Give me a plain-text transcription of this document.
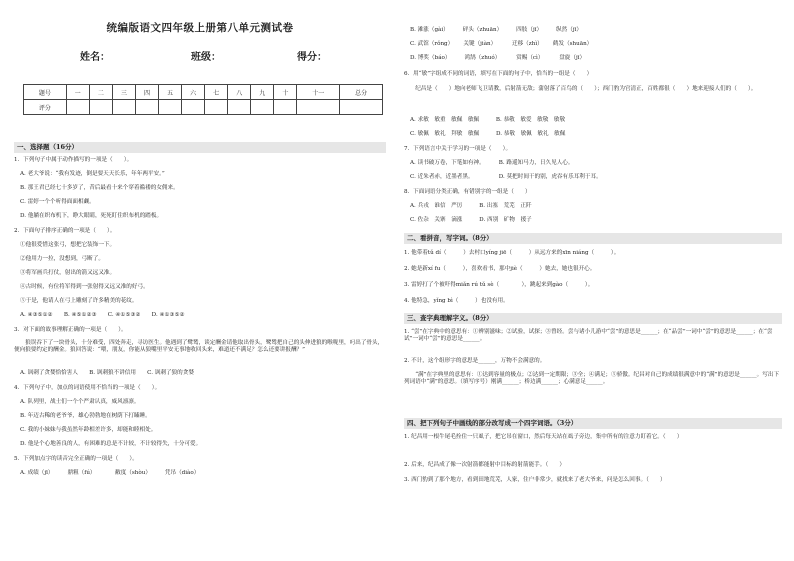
统编版语文四年级上册第八单元测试卷
姓名：	班级：	得分：
题号	一	二	三	四	五	六	七	八	九	十	十一	总分
评分												
一、选择题（16分）
1．下列句子中属于动作描写的一项是（　　）。
A. 老大爷说：“我有发迹，倒是要天天长乐，年年两平安。”
B. 那王君已经七十多岁了，昔后最看十来个穿着褴褛的女佣来。
C. 雷婷一个个听得面面相觑。
D. 他躺在织布机下，睁大眼睛，死死盯住织布机的踏板。
2．下面句子排序正确的一项是（　　）。
①他很爱惜这张弓，想把它装饰一下。
②他用力一拉，没想到，弓断了。
③将军画兵打仗，射出的箭又远又准。
④古时候，有位将军得到一张射得又远又准的好弓。
⑤于是，他请人在弓上雕刻了许多精美的花纹。
A. ④③⑤①②　　B. ④⑤①②③　　C. ④①⑤③②　　D. ④①③⑤②
3．对下面的故事理解正确的一项是（　　）。
　　狼误吞下了一块骨头，十分难受，四处奔走，寻访医生。他遇到了鹭鸶，谈定酬金请他取出骨头，鹭鸶把自己的头伸进狼的喉咙里，叼出了骨头，便向狼要约定的酬金。狼回答说：“喂，朋友，你能从狼嘴里平安无事地收回头来，难道还不满足？怎么还要讲报酬？”
A. 讽刺了贪婪恰恰害人　　B. 讽刺狼不讲信用　　C. 讽刺了狼的贪婪
4．下列句子中，加点的词语使用不恰当的一项是（　　）。
A. 队列里，战士们一个个严肃认真，威风凛凛。
B. 年迈古稀的老爷爷，雄心勃勃地在树荫下打瞌睡。
C. 我的小妹妹与我虽然年龄相差许多，却能和睦相处。
D. 他是个心地善良的人，有困难的总是不计较，不计较得失，十分可爱。
5．下列加点字的读音完全正确的一项是（　　）。
A. 成绩（jī）　　　鼎粗（fú）　　　　敝度（shòu）　　　凭吊（diào）
B. 滩涨（gài）　　　砰头（zhuān）　　　四肢（jī）　　　纵然（jī）
C. 武馆（rǒng）　　 关键（jiàn）　　　 迁移（zhì）　　 鹤发（shuān）
D. 博奖（báo）　　　鸿鹄（zhuó）　　　 赏赐（cì）　　　 盘旋（jī）
6．用“敏”字组成不同的词语，填写在下面的句子中，恰当的一组是（　　）
　　纪昌是（　　）地向老师飞卫请教，后射箭无敌；蒲射落了百鸟的（　　）；西门豹为官清正，百姓都很（　　）地来迎接人们的（　　）。
A. 求敏　敏重　敏佩　敏佩　　　B. 恭敬　敏爱　敏敬　敏敬
C. 敏佩　敏礼　拜敏　敏佩　　　D. 恭敬　敏佩　敏礼　敏佩
7．下列语言中关于学习的一项是（　　）。
A. 读书破万卷，下笔如有神。　　　B. 路遥知马力，日久见人心。
C. 近朱者赤，近墨者黑。　　　　　D. 莫把时间干的别，虎吞有乐耳利于耳。
8．下面词语分类正确，有错别字的一组是（　　）
A. 兵戎　谁信　严厉　　　B. 出塞　荒芜　正阡
C. 佐杂　关寨　滴涨　　　D. 西别　矿物　援子
二、看拼音，写字词。（8分）
1. 他带着tǔ dí（　　　）去村口yíng jiē（　　　）从远方来的xīn niáng（　　　）。
2. 她是新xí fu（　　　），喜欢看书，那中jiè（　　　）她去，她也很开心。
3. 雷婷打了个被吓得miǎn rú tǔ sè（　　　　），跳起来到gào（　　　）。
4. 他特急，yǐng bì（　　　）也没有用。
三、查字典理解字义。（8分）
1. “尝”在字典中的意思有：①辨别滋味；②试验，试探；③曾经。尝与诸小儿游中“尝”的意思是______；在“品尝”一词中“尝”的意思是______；在“尝试”一词中“尝”的意思是______。
2. 不计，这个组形字的意思是______，万物不会满意的。
　　“满”在字典里的意思有：①达到容量的极点；②达到一定期限；③全；④满足；⑤骄傲。纪昌对自己的成绩很满意中的“满”的意思是______。写出下列词语中“满”的意思。（填写序号）刚满______；桥边满______；心满意足______。
四、把下列句子中画线的部分改写成一个四字词语。（3分）
1. 纪昌用一根牛尾毛拴住一只虱子，把它吊在窗口，然后每天站在虱子旁边，集中所有的注意力盯着它。（　　）
2. 后来，纪昌成了像一次射箭都能射中目标的射箭能手。（　　）
3. 西门豹到了那个地方，看到田地荒芜，人家，住户非常少，就找来了老大爷来，问是怎么回事。（　　）
